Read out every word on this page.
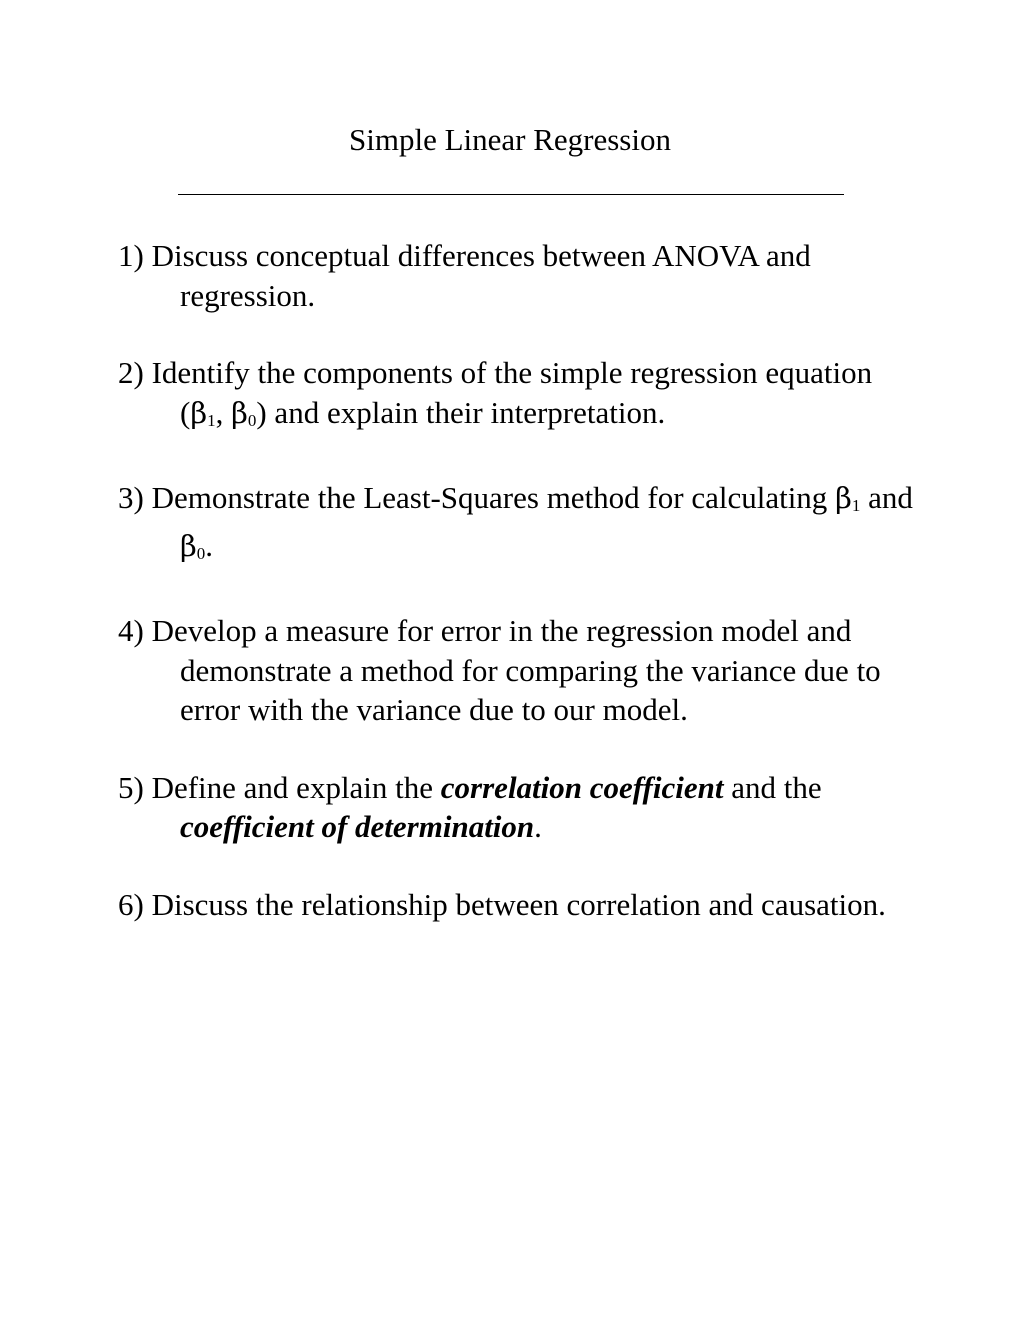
Simple Linear Regression
1) Discuss conceptual differences between ANOVA and regression.
2) Identify the components of the simple regression equation (β1, β0) and explain their interpretation.
3) Demonstrate the Least-Squares method for calculating β1 and β0.
4) Develop a measure for error in the regression model and demonstrate a method for comparing the variance due to error with the variance due to our model.
5) Define and explain the correlation coefficient and the coefficient of determination.
6) Discuss the relationship between correlation and causation.
